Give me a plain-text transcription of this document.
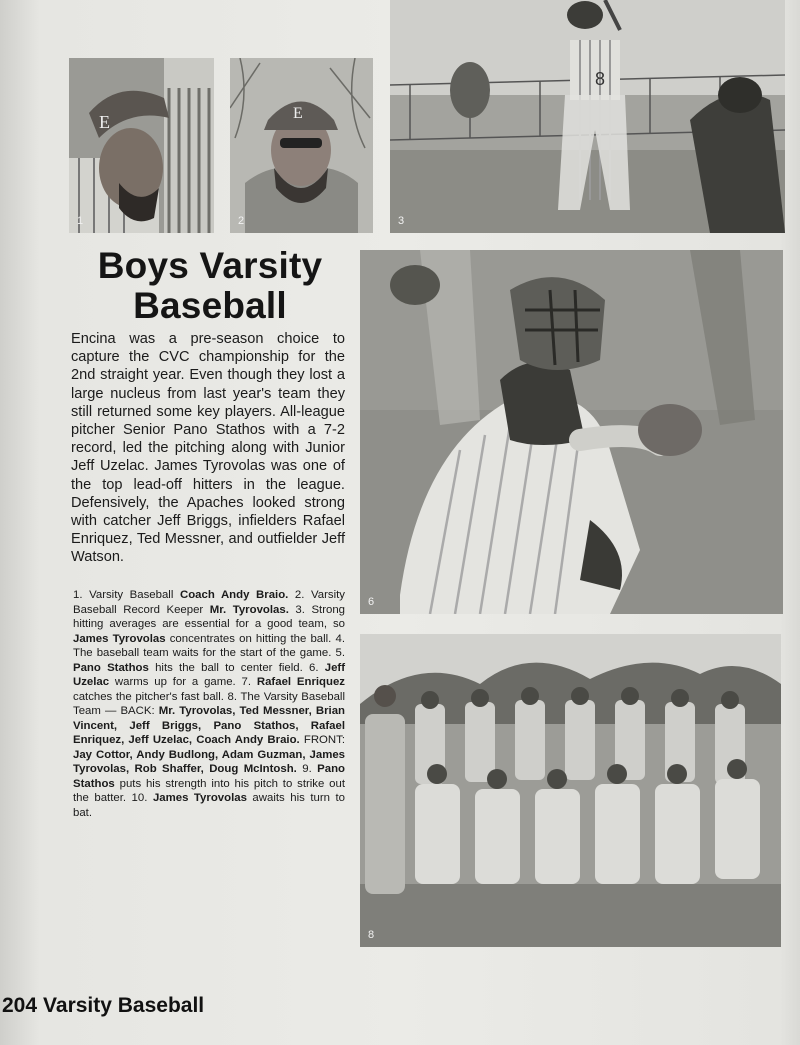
E
1
E
2
8
3
Boys Varsity
Baseball

Encina was a pre-season choice to capture the CVC championship for the 2nd straight year. Even though they lost a large nucleus from last year's team they still returned some key players. All-league pitcher Senior Pano Stathos with a 7-2 record, led the pitching along with Junior Jeff Uzelac. James Tyrovolas was one of the top lead-off hitters in the league. Defensively, the Apaches looked strong with catcher Jeff Briggs, infielders Rafael Enriquez, Ted Messner, and outfielder Jeff Watson.

6

1. Varsity Baseball Coach Andy Braio. 2. Varsity Baseball Record Keeper Mr. Tyrovolas. 3. Strong hitting averages are essential for a good team, so James Tyrovolas concentrates on hitting the ball. 4. The baseball team waits for the start of the game. 5. Pano Stathos hits the ball to center field. 6. Jeff Uzelac warms up for a game. 7. Rafael Enriquez catches the pitcher's fast ball. 8. The Varsity Baseball Team — BACK: Mr. Tyrovolas, Ted Messner, Brian Vincent, Jeff Briggs, Pano Stathos, Rafael Enriquez, Jeff Uzelac, Coach Andy Braio. FRONT: Jay Cottor, Andy Budlong, Adam Guzman, James Tyrovolas, Rob Shaffer, Doug McIntosh. 9. Pano Stathos puts his strength into his pitch to strike out the batter. 10. James Tyrovolas awaits his turn to bat.

8
204 Varsity Baseball
